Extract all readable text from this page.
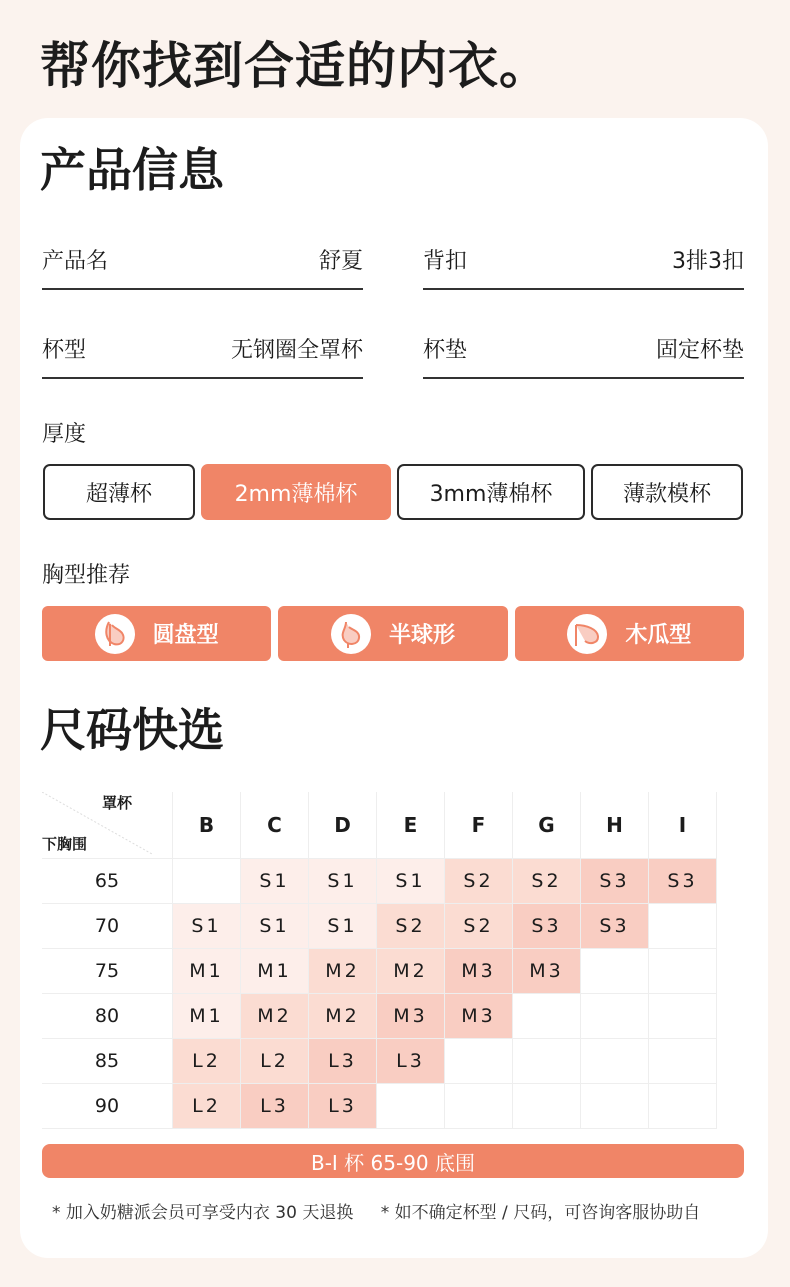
帮你找到合适的内衣。
产品信息
产品名	舒夏	背扣	3排3扣
杯型	无钢圈全罩杯	杯垫	固定杯垫

厚度

超薄杯	2mm薄棉杯	3mm薄棉杯	薄款模杯

胸型推荐

圆盘型	半球形	木瓜型
尺码快选
罩杯
下胸围	B	C	D	E	F	G	H	I
65		S1	S1	S1	S2	S2	S3	S3
70	S1	S1	S1	S2	S2	S3	S3	
75	M1	M1	M2	M2	M3	M3		
80	M1	M2	M2	M3	M3			
85	L2	L2	L3	L3				
90	L2	L3	L3					
B-I 杯 65-90 底围
* 加入奶糖派会员可享受内衣 30 天退换 * 如不确定杯型 / 尺码，可咨询客服协助自
